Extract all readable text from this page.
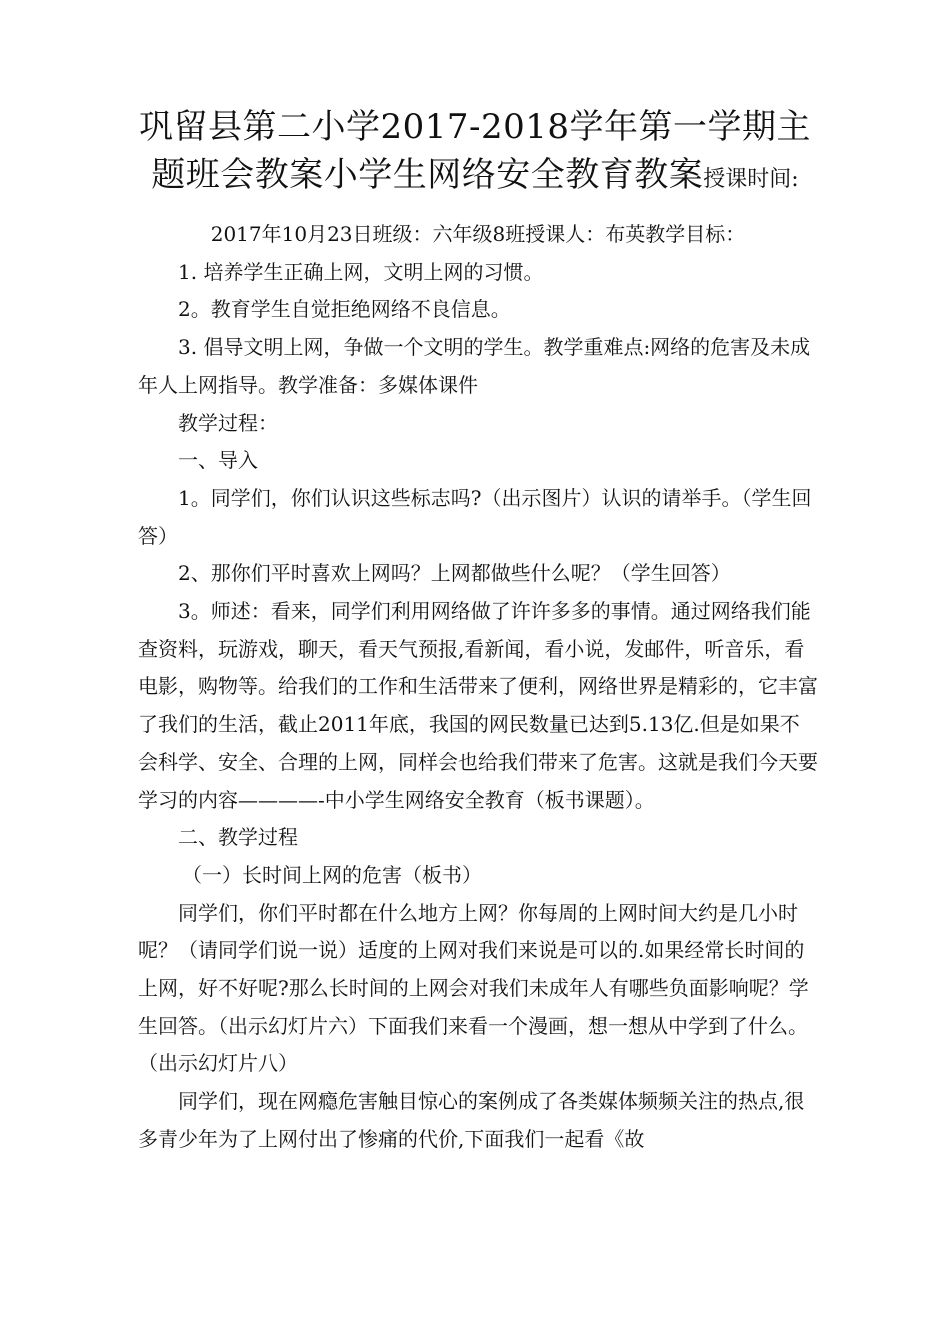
巩留县第二小学2017-2018学年第一学期主
题班会教案小学生网络安全教育教案授课时间:

2017年10月23日班级：六年级8班授课人：布英教学目标：

1. 培养学生正确上网，文明上网的习惯。

2。教育学生自觉拒绝网络不良信息。

3. 倡导文明上网，争做一个文明的学生。教学重难点:网络的危害及未成年人上网指导。教学准备：多媒体课件

教学过程：

一、导入

1。同学们，你们认识这些标志吗?（出示图片）认识的请举手。（学生回答）

2、那你们平时喜欢上网吗？上网都做些什么呢？（学生回答）

3。师述：看来，同学们利用网络做了许许多多的事情。通过网络我们能查资料，玩游戏，聊天，看天气预报,看新闻，看小说，发邮件，听音乐，看电影，购物等。给我们的工作和生活带来了便利，网络世界是精彩的，它丰富了我们的生活，截止2011年底，我国的网民数量已达到5.13亿.但是如果不会科学、安全、合理的上网，同样会也给我们带来了危害。这就是我们今天要学习的内容————-中小学生网络安全教育（板书课题）。

二、教学过程

（一）长时间上网的危害（板书）

同学们，你们平时都在什么地方上网？你每周的上网时间大约是几小时呢？（请同学们说一说）适度的上网对我们来说是可以的.如果经常长时间的上网，好不好呢?那么长时间的上网会对我们未成年人有哪些负面影响呢？学生回答。（出示幻灯片六）下面我们来看一个漫画，想一想从中学到了什么。（出示幻灯片八）

同学们，现在网瘾危害触目惊心的案例成了各类媒体频频关注的热点,很多青少年为了上网付出了惨痛的代价,下面我们一起看《故
